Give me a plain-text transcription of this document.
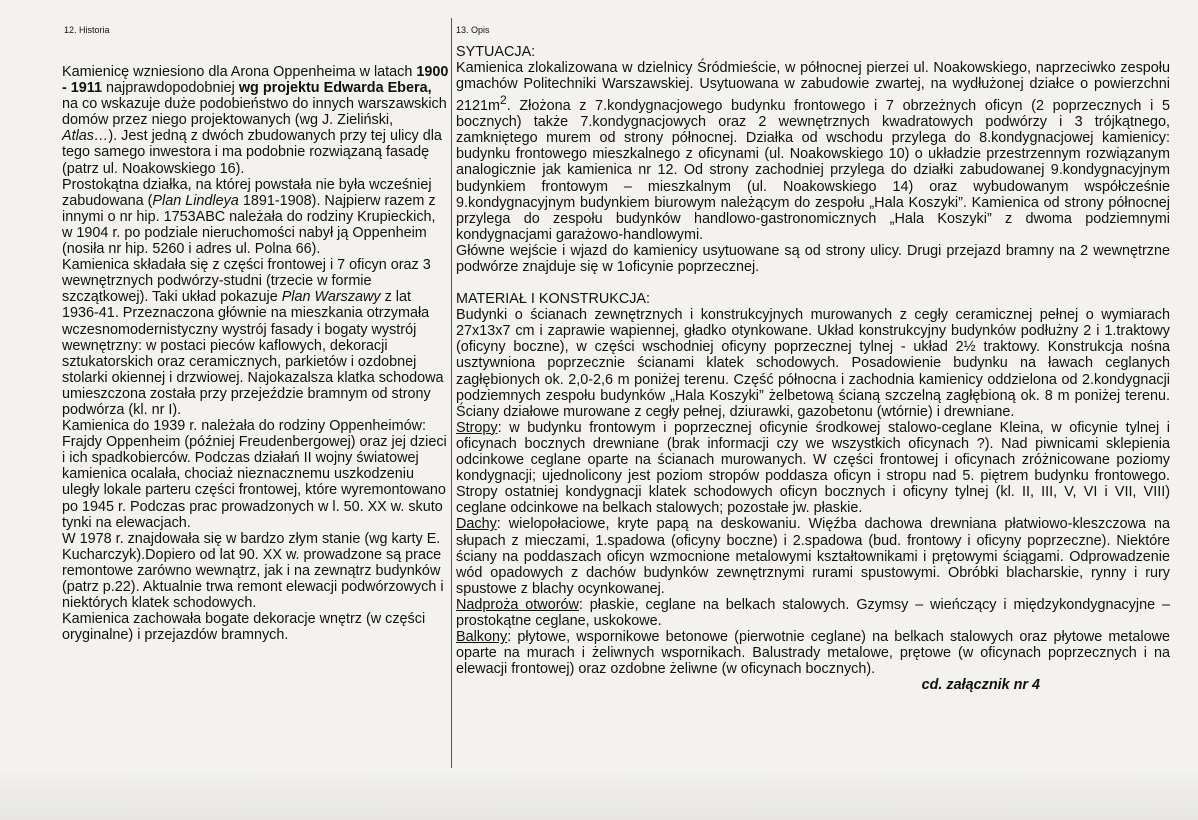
12. Historia

Kamienicę wzniesiono dla Arona Oppenheima w latach 1900 - 1911 najprawdopodobniej wg projektu Edwarda Ebera, na co wskazuje duże podobieństwo do innych warszawskich domów przez niego projektowanych (wg J. Zieliński, Atlas…). Jest jedną z dwóch zbudowanych przy tej ulicy dla tego samego inwestora i ma podobnie rozwiązaną fasadę (patrz ul. Noakowskiego 16).

Prostokątna działka, na której powstała nie była wcześniej zabudowana (Plan Lindleya 1891-1908). Najpierw razem z innymi o nr hip. 1753ABC należała do rodziny Krupieckich, w 1904 r. po podziale nieruchomości nabył ją Oppenheim (nosiła nr hip. 5260 i adres ul. Polna 66).

Kamienica składała się z części frontowej i 7 oficyn oraz 3 wewnętrznych podwórzy-studni (trzecie w formie szczątkowej). Taki układ pokazuje Plan Warszawy z lat 1936-41. Przeznaczona głównie na mieszkania otrzymała wczesnomodernistyczny wystrój fasady i bogaty wystrój wewnętrzny: w postaci pieców kaflowych, dekoracji sztukatorskich oraz ceramicznych, parkietów i ozdobnej stolarki okiennej i drzwiowej. Najokazalsza klatka schodowa umieszczona została przy przejeździe bramnym od strony podwórza (kl. nr I).

Kamienica do 1939 r. należała do rodziny Oppenheimów: Frajdy Oppenheim (później Freudenbergowej) oraz jej dzieci i ich spadkobierców. Podczas działań II wojny światowej kamienica ocalała, chociaż nieznacznemu uszkodzeniu uległy lokale parteru części frontowej, które wyremontowano po 1945 r. Podczas prac prowadzonych w l. 50. XX w. skuto tynki na elewacjach.

W 1978 r. znajdowała się w bardzo złym stanie (wg karty E. Kucharczyk).Dopiero od lat 90. XX w. prowadzone są prace remontowe zarówno wewnątrz, jak i na zewnątrz budynków (patrz p.22). Aktualnie trwa remont elewacji podwórzowych i niektórych klatek schodowych.

Kamienica zachowała bogate dekoracje wnętrz (w części oryginalne) i przejazdów bramnych.

13. Opis

SYTUACJA:

Kamienica zlokalizowana w dzielnicy Śródmieście, w północnej pierzei ul. Noakowskiego, naprzeciwko zespołu gmachów Politechniki Warszawskiej. Usytuowana w zabudowie zwartej, na wydłużonej działce o powierzchni $2121m^2$. Złożona z 7.kondygnacjowego budynku frontowego i 7 obrzeżnych oficyn (2 poprzecznych i 5 bocznych) także 7.kondygnacjowych oraz 2 wewnętrznych kwadratowych podwórzy i 3 trójkątnego, zamkniętego murem od strony północnej. Działka od wschodu przylega do 8.kondygnacjowej kamienicy: budynku frontowego mieszkalnego z oficynami (ul. Noakowskiego 10) o układzie przestrzennym rozwiązanym analogicznie jak kamienica nr 12. Od strony zachodniej przylega do działki zabudowanej 9.kondygnacyjnym budynkiem frontowym – mieszkalnym (ul. Noakowskiego 14) oraz wybudowanym współcześnie 9.kondygnacyjnym budynkiem biurowym należącym do zespołu „Hala Koszyki”. Kamienica od strony północnej przylega do zespołu budynków handlowo-gastronomicznych „Hala Koszyki” z dwoma podziemnymi kondygnacjami garażowo-handlowymi.

Główne wejście i wjazd do kamienicy usytuowane są od strony ulicy. Drugi przejazd bramny na 2 wewnętrzne podwórze znajduje się w 1oficynie poprzecznej.

MATERIAŁ I KONSTRUKCJA:

Budynki o ścianach zewnętrznych i konstrukcyjnych murowanych z cegły ceramicznej pełnej o wymiarach 27x13x7 cm i zaprawie wapiennej, gładko otynkowane. Układ konstrukcyjny budynków podłużny 2 i 1.traktowy (oficyny boczne), w części wschodniej oficyny poprzecznej tylnej - układ 2½ traktowy. Konstrukcja nośna usztywniona poprzecznie ścianami klatek schodowych. Posadowienie budynku na ławach ceglanych zagłębionych ok. 2,0-2,6 m poniżej terenu. Część północna i zachodnia kamienicy oddzielona od 2.kondygnacji podziemnych zespołu budynków „Hala Koszyki” żelbetową ścianą szczelną zagłębioną ok. 8 m poniżej terenu. Ściany działowe murowane z cegły pełnej, dziurawki, gazobetonu (wtórnie) i drewniane.

Stropy: w budynku frontowym i poprzecznej oficynie środkowej stalowo-ceglane Kleina, w oficynie tylnej i oficynach bocznych drewniane (brak informacji czy we wszystkich oficynach ?). Nad piwnicami sklepienia odcinkowe ceglane oparte na ścianach murowanych. W części frontowej i oficynach zróżnicowane poziomy kondygnacji; ujednolicony jest poziom stropów poddasza oficyn i stropu nad 5. piętrem budynku frontowego. Stropy ostatniej kondygnacji klatek schodowych oficyn bocznych i oficyny tylnej (kl. II, III, V, VI i VII, VIII) ceglane odcinkowe na belkach stalowych; pozostałe jw. płaskie.

Dachy: wielopołaciowe, kryte papą na deskowaniu. Więźba dachowa drewniana płatwiowo-kleszczowa na słupach z mieczami, 1.spadowa (oficyny boczne) i 2.spadowa (bud. frontowy i oficyny poprzeczne). Niektóre ściany na poddaszach oficyn wzmocnione metalowymi kształtownikami i prętowymi ściągami. Odprowadzenie wód opadowych z dachów budynków zewnętrznymi rurami spustowymi. Obróbki blacharskie, rynny i rury spustowe z blachy ocynkowanej.

Nadproża otworów: płaskie, ceglane na belkach stalowych. Gzymsy – wieńczący i międzykondygnacyjne – prostokątne ceglane, uskokowe.

Balkony: płytowe, wspornikowe betonowe (pierwotnie ceglane) na belkach stalowych oraz płytowe metalowe oparte na murach i żeliwnych wspornikach. Balustrady metalowe, prętowe (w oficynach poprzecznych i na elewacji frontowej) oraz ozdobne żeliwne (w oficynach bocznych).

cd. załącznik nr 4
